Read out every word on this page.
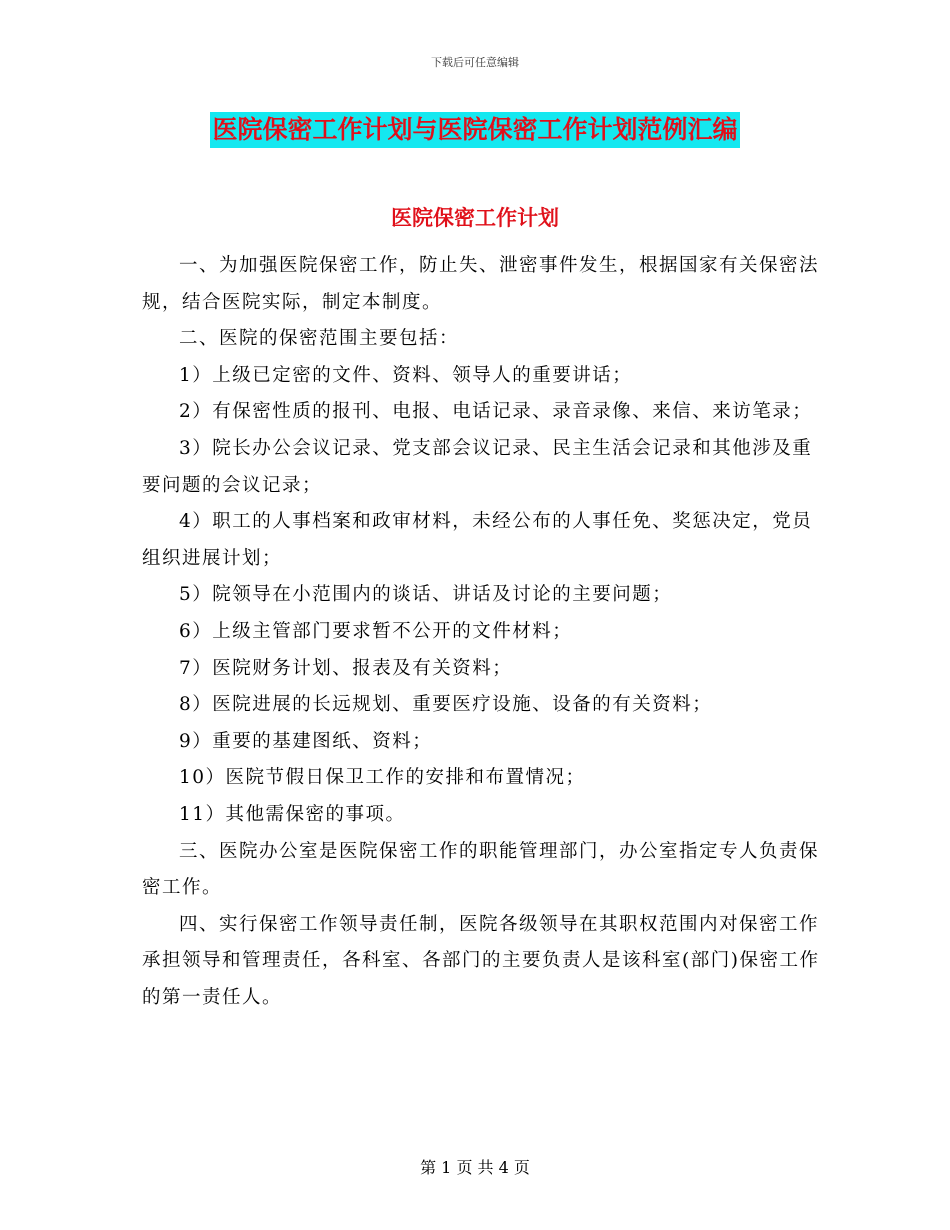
下载后可任意编辑
医院保密工作计划与医院保密工作计划范例汇编
医院保密工作计划

一、为加强医院保密工作，防止失、泄密事件发生，根据国家有关保密法规，结合医院实际，制定本制度。

二、医院的保密范围主要包括：

1）上级已定密的文件、资料、领导人的重要讲话；

2）有保密性质的报刊、电报、电话记录、录音录像、来信、来访笔录；

3）院长办公会议记录、党支部会议记录、民主生活会记录和其他涉及重要问题的会议记录；

4）职工的人事档案和政审材料，未经公布的人事任免、奖惩决定，党员组织进展计划；

5）院领导在小范围内的谈话、讲话及讨论的主要问题；

6）上级主管部门要求暂不公开的文件材料；

7）医院财务计划、报表及有关资料；

8）医院进展的长远规划、重要医疗设施、设备的有关资料；

9）重要的基建图纸、资料；

10）医院节假日保卫工作的安排和布置情况；

11）其他需保密的事项。

三、医院办公室是医院保密工作的职能管理部门，办公室指定专人负责保密工作。

四、实行保密工作领导责任制，医院各级领导在其职权范围内对保密工作承担领导和管理责任，各科室、各部门的主要负责人是该科室(部门)保密工作的第一责任人。

第 1 页 共 4 页
